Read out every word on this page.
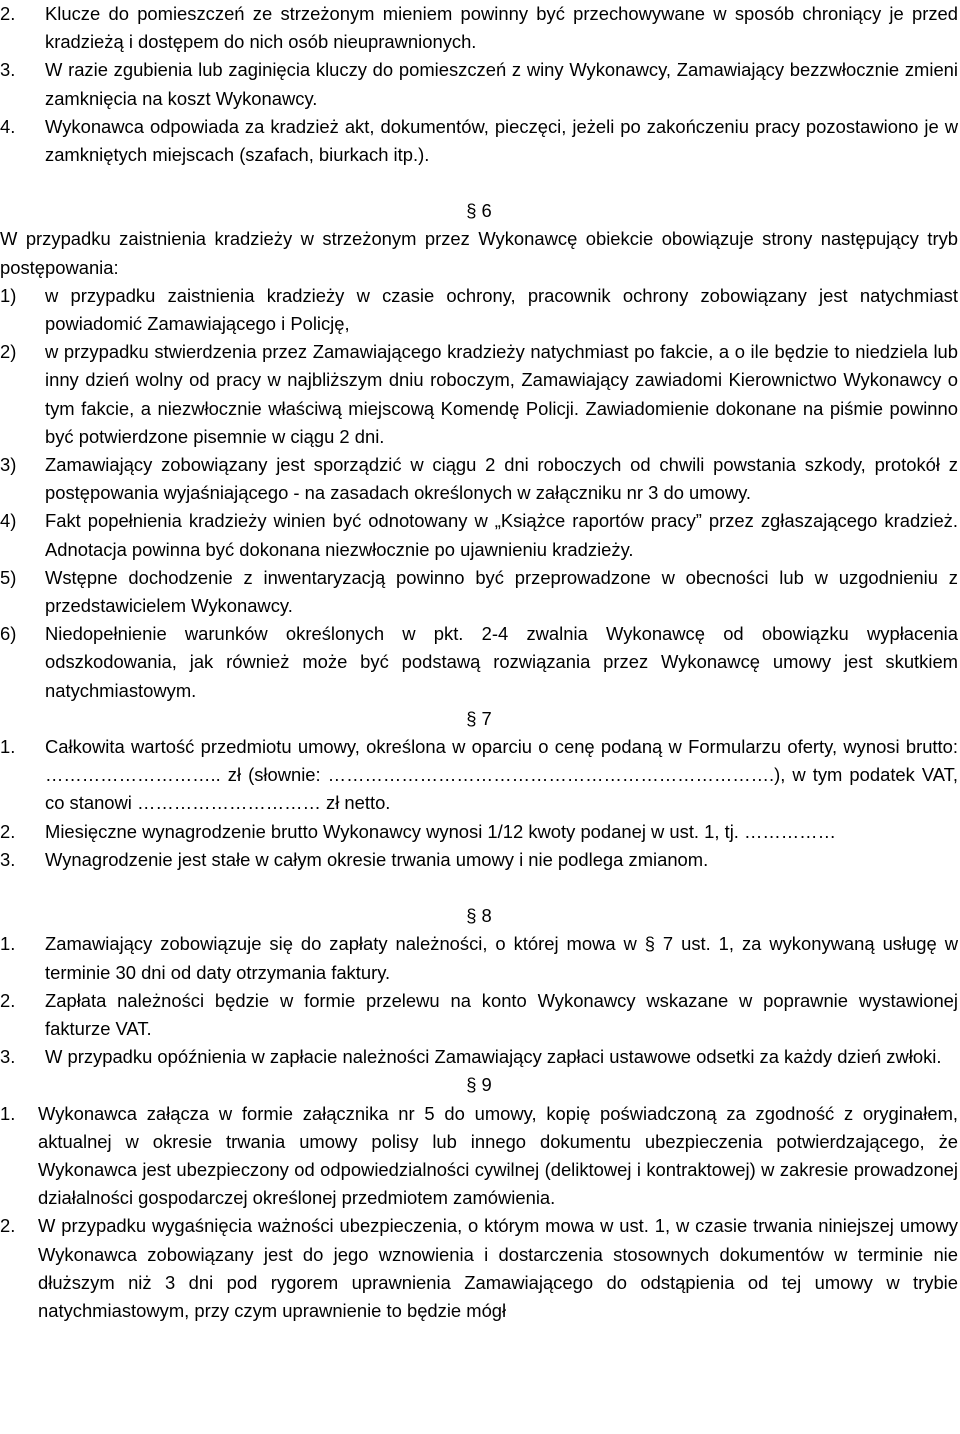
2.	Klucze do pomieszczeń ze strzeżonym mieniem powinny być przechowywane w sposób chroniący je przed kradzieżą i dostępem do nich osób nieuprawnionych.
3.	W razie zgubienia lub zaginięcia kluczy do pomieszczeń z winy Wykonawcy, Zamawiający bezzwłocznie zmieni zamknięcia na koszt Wykonawcy.
4.	Wykonawca odpowiada za kradzież akt, dokumentów, pieczęci, jeżeli po zakończeniu pracy pozostawiono je w zamkniętych miejscach (szafach, biurkach itp.).
§ 6
W przypadku zaistnienia kradzieży w strzeżonym przez Wykonawcę obiekcie obowiązuje strony następujący tryb postępowania:
1)	w przypadku zaistnienia kradzieży w czasie ochrony, pracownik ochrony zobowiązany jest natychmiast powiadomić Zamawiającego i Policję,
2)	w przypadku stwierdzenia przez Zamawiającego kradzieży natychmiast po fakcie, a o ile będzie to niedziela lub inny dzień wolny od pracy w najbliższym dniu roboczym, Zamawiający zawiadomi Kierownictwo Wykonawcy o tym fakcie, a niezwłocznie właściwą miejscową Komendę Policji. Zawiadomienie dokonane na piśmie powinno być potwierdzone pisemnie w ciągu 2 dni.
3)	Zamawiający zobowiązany jest sporządzić w ciągu 2 dni roboczych od chwili powstania szkody, protokół z postępowania wyjaśniającego - na zasadach określonych w załączniku nr 3 do umowy.
4)	Fakt popełnienia kradzieży winien być odnotowany w „Książce raportów pracy” przez zgłaszającego kradzież. Adnotacja powinna być dokonana niezwłocznie po ujawnieniu kradzieży.
5)	Wstępne dochodzenie z inwentaryzacją powinno być przeprowadzone w obecności lub w uzgodnieniu z przedstawicielem Wykonawcy.
6)	Niedopełnienie warunków określonych w pkt. 2-4 zwalnia Wykonawcę od obowiązku wypłacenia odszkodowania, jak również może być podstawą rozwiązania przez Wykonawcę umowy jest skutkiem natychmiastowym.
§ 7
1.	Całkowita wartość przedmiotu umowy, określona w oparciu o cenę podaną w Formularzu oferty, wynosi brutto: ……………………….. zł (słownie: ……………………………………………………………….), w tym podatek VAT, co stanowi ………………………… zł netto.
2.	Miesięczne wynagrodzenie brutto Wykonawcy wynosi 1/12 kwoty podanej w ust. 1, tj. ……………
3.	Wynagrodzenie jest stałe w całym okresie trwania umowy i nie podlega zmianom.
§ 8
1.	Zamawiający zobowiązuje się do zapłaty należności, o której mowa w § 7 ust. 1, za wykonywaną usługę w terminie 30 dni od daty otrzymania faktury.
2.	Zapłata należności będzie w formie przelewu na konto Wykonawcy wskazane w poprawnie wystawionej fakturze VAT.
3.	W przypadku opóźnienia w zapłacie należności Zamawiający zapłaci ustawowe odsetki za każdy dzień zwłoki.
§ 9
1.	Wykonawca załącza w formie załącznika nr 5 do umowy, kopię poświadczoną za zgodność z oryginałem, aktualnej w okresie trwania umowy polisy lub innego dokumentu ubezpieczenia potwierdzającego, że Wykonawca jest ubezpieczony od odpowiedzialności cywilnej (deliktowej i kontraktowej) w zakresie prowadzonej działalności gospodarczej określonej przedmiotem zamówienia.
2.	W przypadku wygaśnięcia ważności ubezpieczenia, o którym mowa w ust. 1, w czasie trwania niniejszej umowy Wykonawca zobowiązany jest do jego wznowienia i dostarczenia stosownych dokumentów w terminie nie dłuższym niż 3 dni pod rygorem uprawnienia Zamawiającego do odstąpienia od tej umowy w trybie natychmiastowym, przy czym uprawnienie to będzie mógł
